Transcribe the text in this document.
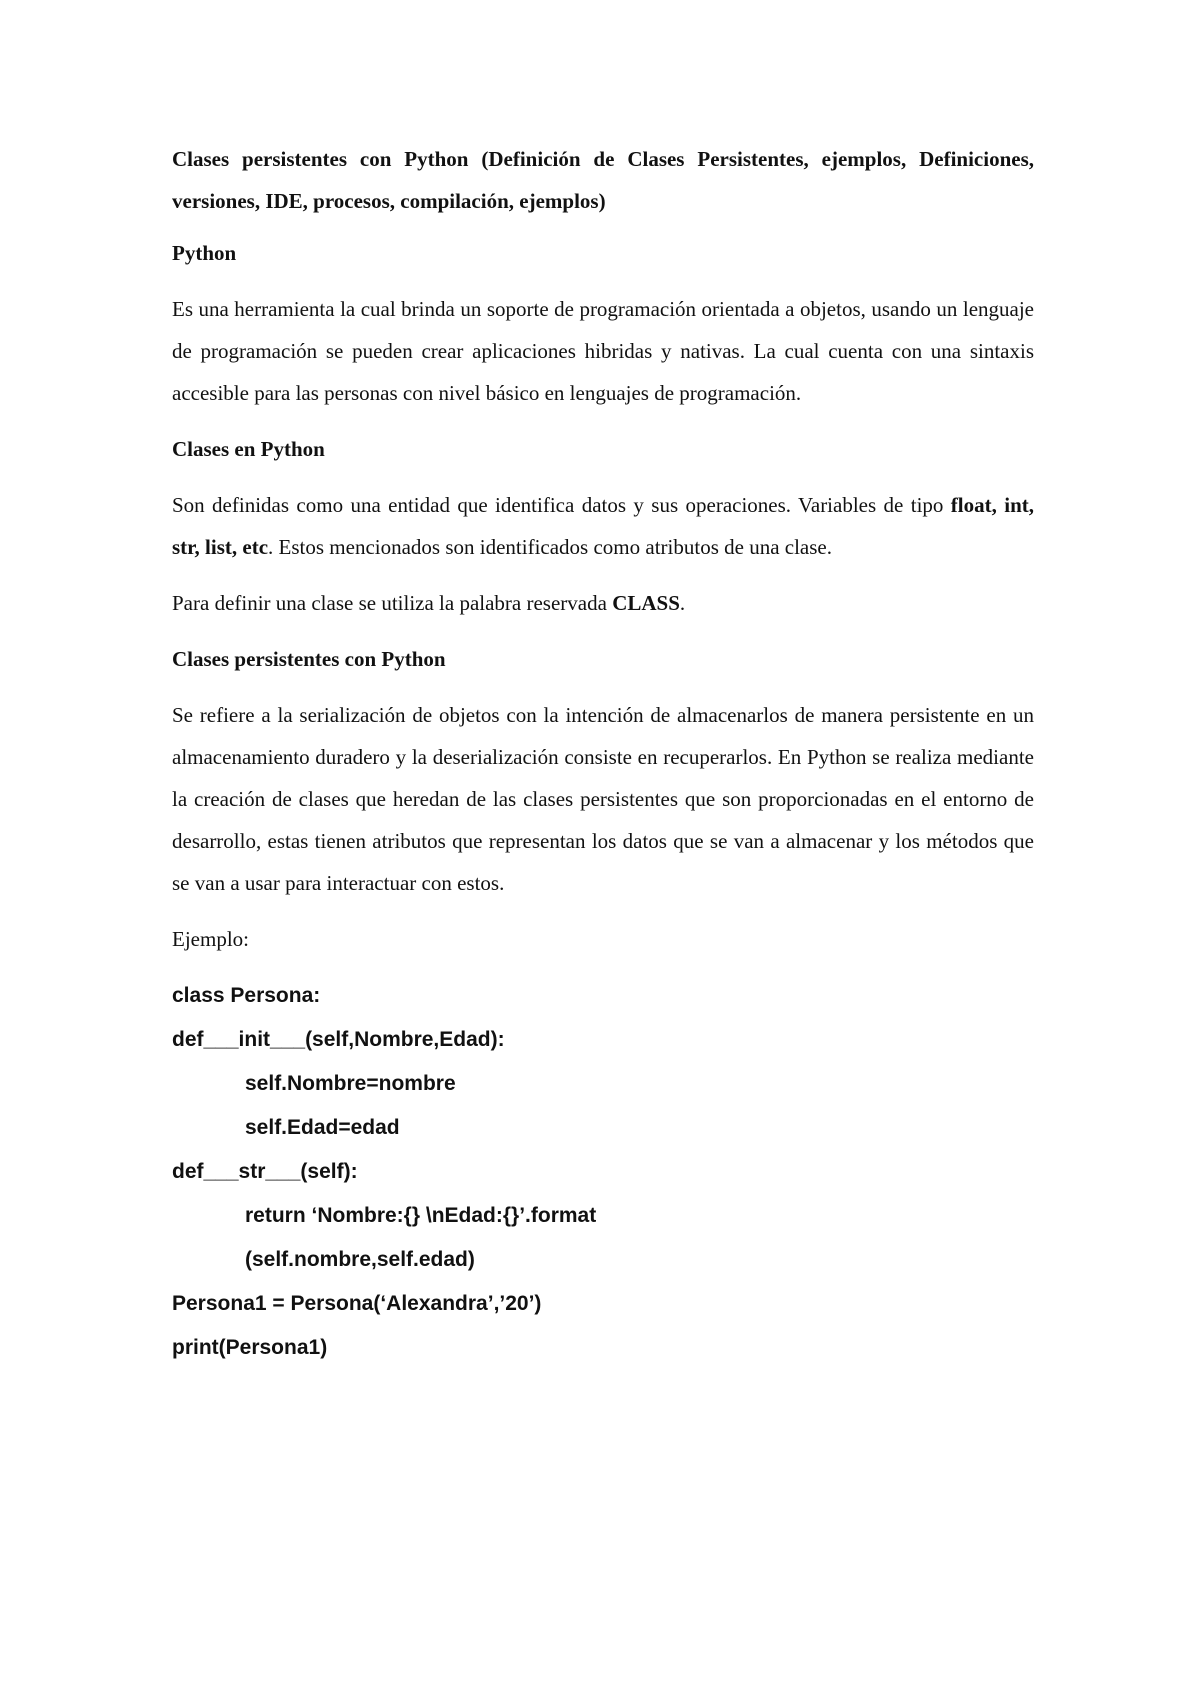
Clases persistentes con Python (Definición de Clases Persistentes, ejemplos, Definiciones, versiones, IDE, procesos, compilación, ejemplos)

Python

Es una herramienta la cual brinda un soporte de programación orientada a objetos, usando un lenguaje de programación se pueden crear aplicaciones hibridas y nativas. La cual cuenta con una sintaxis accesible para las personas con nivel básico en lenguajes de programación.

Clases en Python

Son definidas como una entidad que identifica datos y sus operaciones. Variables de tipo float, int, str, list, etc. Estos mencionados son identificados como atributos de una clase.

Para definir una clase se utiliza la palabra reservada CLASS.

Clases persistentes con Python

Se refiere a la serialización de objetos con la intención de almacenarlos de manera persistente en un almacenamiento duradero y la deserialización consiste en recuperarlos. En Python se realiza mediante la creación de clases que heredan de las clases persistentes que son proporcionadas en el entorno de desarrollo, estas tienen atributos que representan los datos que se van a almacenar y los métodos que se van a usar para interactuar con estos.

Ejemplo:

class Persona:
def___init___(self,Nombre,Edad):
self.Nombre=nombre
self.Edad=edad
def___str___(self):
return ‘Nombre:{} \nEdad:{}’.format
(self.nombre,self.edad)
Persona1 = Persona(‘Alexandra’,’20’)
print(Persona1)
